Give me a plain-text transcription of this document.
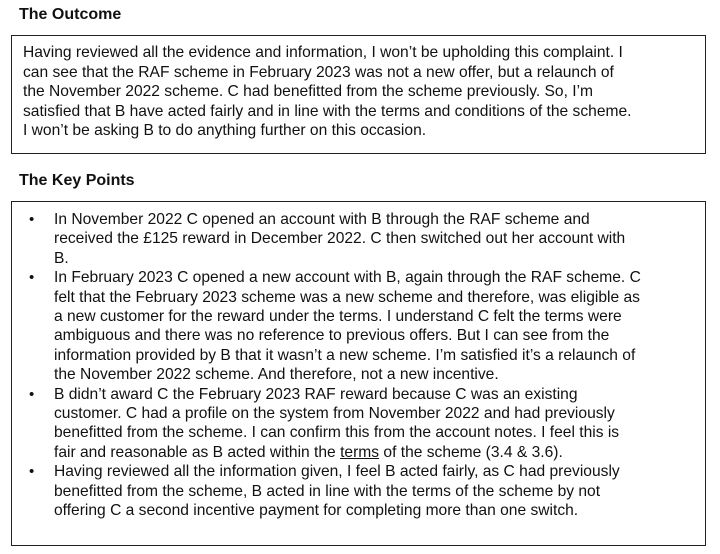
The Outcome

Having reviewed all the evidence and information, I won’t be upholding this complaint. I
can see that the RAF scheme in February 2023 was not a new offer, but a relaunch of
the November 2022 scheme. C had benefitted from the scheme previously. So, I’m
satisfied that B have acted fairly and in line with the terms and conditions of the scheme.
I won’t be asking B to do anything further on this occasion.

The Key Points
• In November 2022 C opened an account with B through the RAF scheme and
received the £125 reward in December 2022. C then switched out her account with
B.
• In February 2023 C opened a new account with B, again through the RAF scheme. C
felt that the February 2023 scheme was a new scheme and therefore, was eligible as
a new customer for the reward under the terms. I understand C felt the terms were
ambiguous and there was no reference to previous offers. But I can see from the
information provided by B that it wasn’t a new scheme. I’m satisfied it’s a relaunch of
the November 2022 scheme. And therefore, not a new incentive.
• B didn’t award C the February 2023 RAF reward because C was an existing
customer. C had a profile on the system from November 2022 and had previously
benefitted from the scheme. I can confirm this from the account notes. I feel this is
fair and reasonable as B acted within the terms of the scheme (3.4 & 3.6).
• Having reviewed all the information given, I feel B acted fairly, as C had previously
benefitted from the scheme, B acted in line with the terms of the scheme by not
offering C a second incentive payment for completing more than one switch.
